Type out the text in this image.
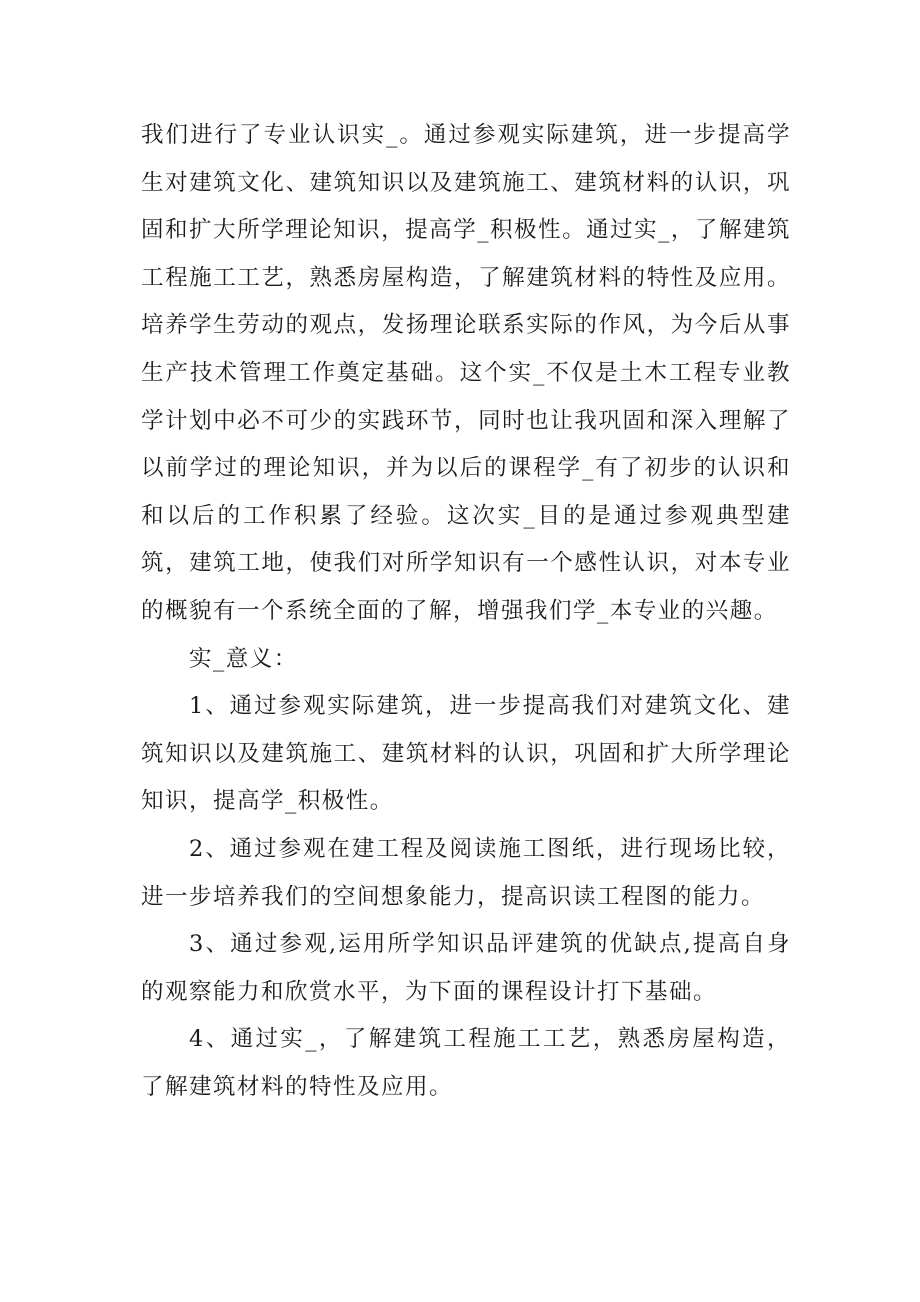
我们进行了专业认识实_。通过参观实际建筑，进一步提高学生对建筑文化、建筑知识以及建筑施工、建筑材料的认识，巩固和扩大所学理论知识，提高学_积极性。通过实_，了解建筑工程施工工艺，熟悉房屋构造，了解建筑材料的特性及应用。培养学生劳动的观点，发扬理论联系实际的作风，为今后从事生产技术管理工作奠定基础。这个实_不仅是土木工程专业教学计划中必不可少的实践环节，同时也让我巩固和深入理解了以前学过的理论知识，并为以后的课程学_有了初步的认识和和以后的工作积累了经验。这次实_目的是通过参观典型建筑，建筑工地，使我们对所学知识有一个感性认识，对本专业的概貌有一个系统全面的了解，增强我们学_本专业的兴趣。

实_意义：

1、通过参观实际建筑，进一步提高我们对建筑文化、建筑知识以及建筑施工、建筑材料的认识，巩固和扩大所学理论知识，提高学_积极性。

2、通过参观在建工程及阅读施工图纸，进行现场比较，进一步培养我们的空间想象能力，提高识读工程图的能力。

3、通过参观,运用所学知识品评建筑的优缺点,提高自身的观察能力和欣赏水平，为下面的课程设计打下基础。

4、通过实_，了解建筑工程施工工艺，熟悉房屋构造，了解建筑材料的特性及应用。
